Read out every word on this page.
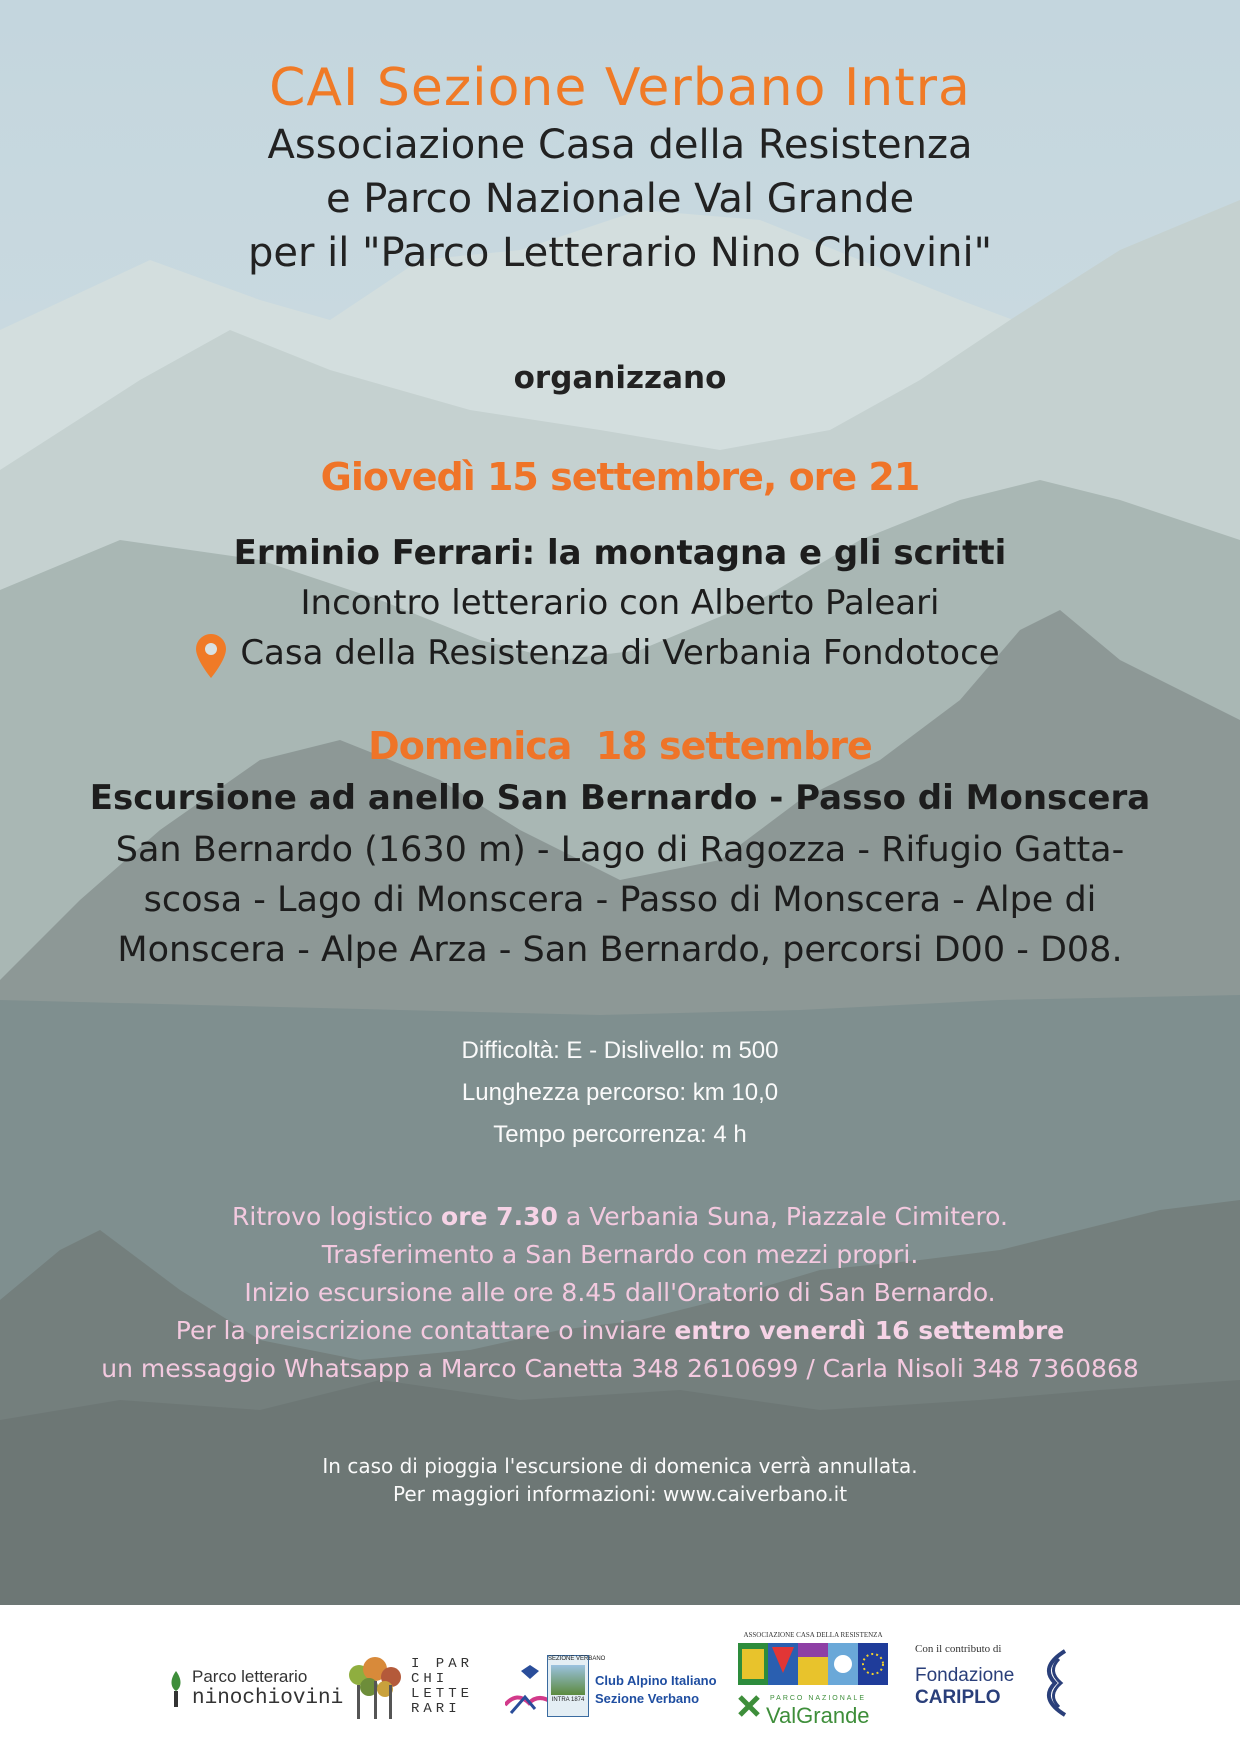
CAI Sezione Verbano Intra
Associazione Casa della Resistenza
e Parco Nazionale Val Grande
per il "Parco Letterario Nino Chiovini"
organizzano
Giovedì 15 settembre, ore 21
Erminio Ferrari: la montagna e gli scritti
Incontro letterario con Alberto Paleari
Casa della Resistenza di Verbania Fondotoce
Domenica  18 settembre
Escursione ad anello San Bernardo - Passo di Monscera
San Bernardo (1630 m) - Lago di Ragozza - Rifugio Gatta-
scosa - Lago di Monscera - Passo di Monscera - Alpe di
Monscera - Alpe Arza - San Bernardo, percorsi D00 - D08.
Difficoltà: E - Dislivello: m 500
Lunghezza percorso: km 10,0
Tempo percorrenza: 4 h
Ritrovo logistico ore 7.30 a Verbania Suna, Piazzale Cimitero.
Trasferimento a San Bernardo con mezzi propri.
Inizio escursione alle ore 8.45 dall'Oratorio di San Bernardo.
Per la preiscrizione contattare o inviare entro venerdì 16 settembre
un messaggio Whatsapp a Marco Canetta 348 2610699 / Carla Nisoli 348 7360868
In caso di pioggia l'escursione di domenica verrà annullata.
Per maggiori informazioni: www.caiverbano.it
Parco letterario
ninochiovini
I PAR CHI LETTE RARI
SEZIONE VERBANO
INTRA 1874
Club Alpino Italiano
Sezione Verbano
ASSOCIAZIONE CASA DELLA RESISTENZA
PARCO NAZIONALE
ValGrande
Con il contributo di
Fondazione
CARIPLO
